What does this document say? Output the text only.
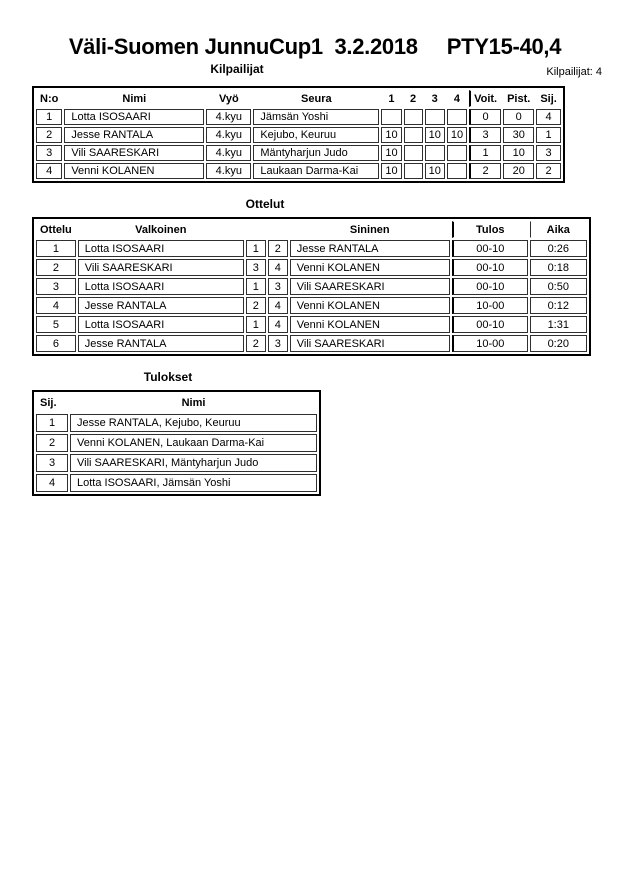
Väli-Suomen JunnuCup1  3.2.2018     PTY15-40,4
Kilpailijat	Kilpailijat: 4
N:o	Nimi	Vyö	Seura	1	2	3	4	Voit.	Pist.	Sij.
1	Lotta ISOSAARI	4.kyu	Jämsän Yoshi					0	0	4
2	Jesse RANTALA	4.kyu	Kejubo, Keuruu	10		10	10	3	30	1
3	Vili SAARESKARI	4.kyu	Mäntyharjun Judo	10				1	10	3
4	Venni KOLANEN	4.kyu	Laukaan Darma-Kai	10		10		2	20	2
Ottelut
Ottelu	Valkoinen			Sininen	Tulos	Aika
1	Lotta ISOSAARI	1	2	Jesse RANTALA	00-10	0:26
2	Vili SAARESKARI	3	4	Venni KOLANEN	00-10	0:18
3	Lotta ISOSAARI	1	3	Vili SAARESKARI	00-10	0:50
4	Jesse RANTALA	2	4	Venni KOLANEN	10-00	0:12
5	Lotta ISOSAARI	1	4	Venni KOLANEN	00-10	1:31
6	Jesse RANTALA	2	3	Vili SAARESKARI	10-00	0:20
Tulokset
Sij.	Nimi
1	Jesse RANTALA, Kejubo, Keuruu
2	Venni KOLANEN, Laukaan Darma-Kai
3	Vili SAARESKARI, Mäntyharjun Judo
4	Lotta ISOSAARI, Jämsän Yoshi
